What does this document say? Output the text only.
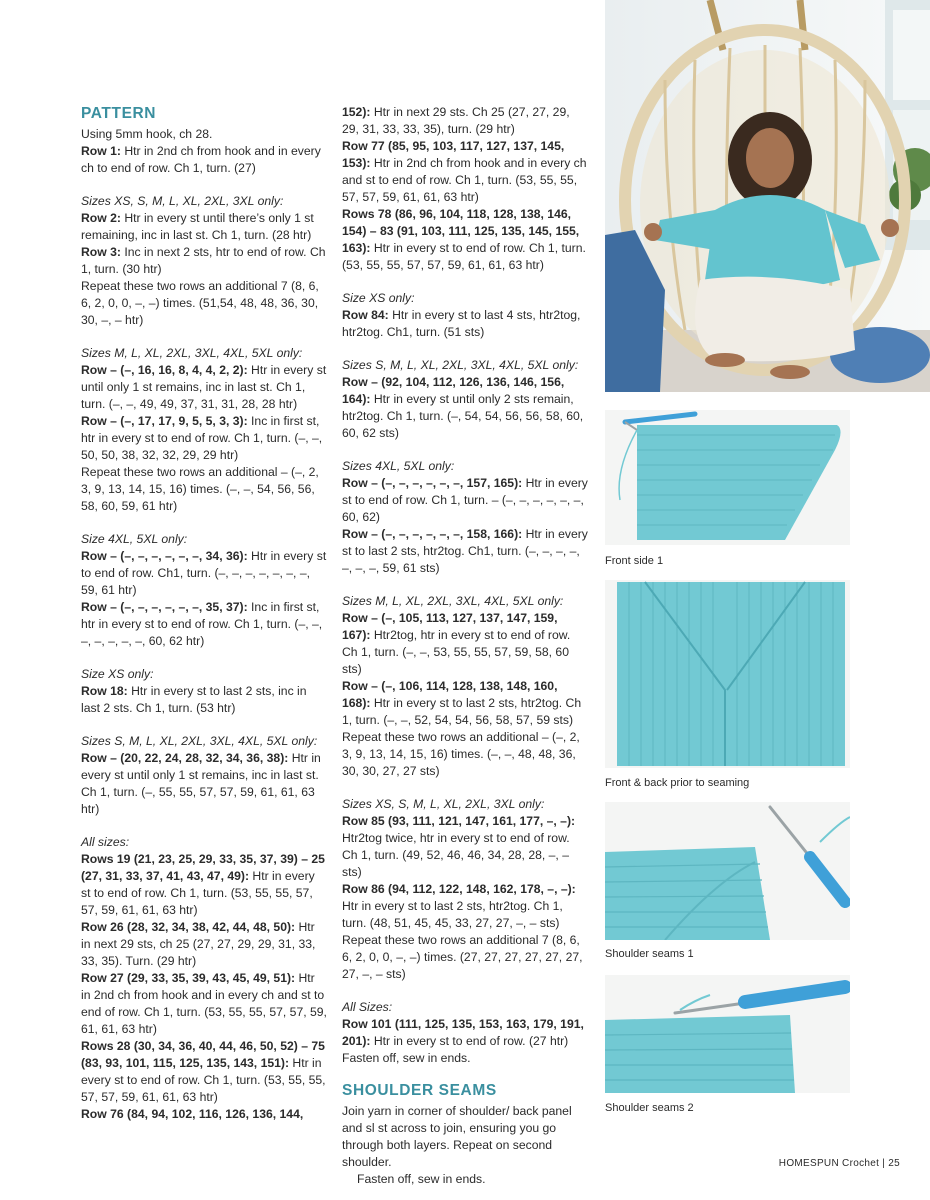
PATTERN
Using 5mm hook, ch 28.
Row 1: Htr in 2nd ch from hook and in every ch to end of row. Ch 1, turn. (27)
Sizes XS, S, M, L, XL, 2XL, 3XL only:
Row 2: Htr in every st until there’s only 1 st remaining, inc in last st. Ch 1, turn. (28 htr)
Row 3: Inc in next 2 sts, htr to end of row. Ch 1, turn. (30 htr)
Repeat these two rows an additional 7 (8, 6, 6, 2, 0, 0, –, –) times. (51,54, 48, 48, 36, 30, 30, –, – htr)
Sizes M, L, XL, 2XL, 3XL, 4XL, 5XL only:
Row – (–, 16, 16, 8, 4, 4, 2, 2): Htr in every st until only 1 st remains, inc in last st. Ch 1, turn. (–, –, 49, 49, 37, 31, 31, 28, 28 htr)
Row – (–, 17, 17, 9, 5, 5, 3, 3): Inc in first st, htr in every st to end of row. Ch 1, turn. (–, –, 50, 50, 38, 32, 32, 29, 29 htr)
Repeat these two rows an additional – (–, 2, 3, 9, 13, 14, 15, 16) times. (–, –, 54, 56, 56, 58, 60, 59, 61 htr)
Size 4XL, 5XL only:
Row – (–, –, –, –, –, –, 34, 36): Htr in every st to end of row. Ch1, turn. (–, –, –, –, –, –, –, 59, 61 htr)
Row – (–, –, –, –, –, –, 35, 37): Inc in first st, htr in every st to end of row. Ch 1, turn. (–, –, –, –, –, –, –, 60, 62 htr)
Size XS only:
Row 18: Htr in every st to last 2 sts, inc in last 2 sts. Ch 1, turn. (53 htr)
Sizes S, M, L, XL, 2XL, 3XL, 4XL, 5XL only:
Row – (20, 22, 24, 28, 32, 34, 36, 38): Htr in every st until only 1 st remains, inc in last st. Ch 1, turn. (–, 55, 55, 57, 57, 59, 61, 61, 63 htr)
All sizes:
Rows 19 (21, 23, 25, 29, 33, 35, 37, 39) – 25 (27, 31, 33, 37, 41, 43, 47, 49): Htr in every st to end of row. Ch 1, turn. (53, 55, 55, 57, 57, 59, 61, 61, 63 htr)
Row 26 (28, 32, 34, 38, 42, 44, 48, 50): Htr in next 29 sts, ch 25 (27, 27, 29, 29, 31, 33, 33, 35). Turn. (29 htr)
Row 27 (29, 33, 35, 39, 43, 45, 49, 51): Htr in 2nd ch from hook and in every ch and st to end of row. Ch 1, turn. (53, 55, 55, 57, 57, 59, 61, 61, 63 htr)
Rows 28 (30, 34, 36, 40, 44, 46, 50, 52) – 75 (83, 93, 101, 115, 125, 135, 143, 151): Htr in every st to end of row. Ch 1, turn. (53, 55, 55, 57, 57, 59, 61, 61, 63 htr)
Row 76 (84, 94, 102, 116, 126, 136, 144,
152): Htr in next 29 sts. Ch 25 (27, 27, 29, 29, 31, 33, 33, 35), turn. (29 htr)
Row 77 (85, 95, 103, 117, 127, 137, 145, 153): Htr in 2nd ch from hook and in every ch and st to end of row. Ch 1, turn. (53, 55, 55, 57, 57, 59, 61, 61, 63 htr)
Rows 78 (86, 96, 104, 118, 128, 138, 146, 154) – 83 (91, 103, 111, 125, 135, 145, 155, 163): Htr in every st to end of row. Ch 1, turn. (53, 55, 55, 57, 57, 59, 61, 61, 63 htr)
Size XS only:
Row 84: Htr in every st to last 4 sts, htr2tog, htr2tog. Ch1, turn. (51 sts)
Sizes S, M, L, XL, 2XL, 3XL, 4XL, 5XL only:
Row – (92, 104, 112, 126, 136, 146, 156, 164): Htr in every st until only 2 sts remain, htr2tog. Ch 1, turn. (–, 54, 54, 56, 56, 58, 60, 60, 62 sts)
Sizes 4XL, 5XL only:
Row – (–, –, –, –, –, –, 157, 165): Htr in every st to end of row. Ch 1, turn. – (–, –, –, –, –, –, 60, 62)
Row – (–, –, –, –, –, –, 158, 166): Htr in every st to last 2 sts, htr2tog. Ch1, turn. (–, –, –, –, –, –, –, 59, 61 sts)
Sizes M, L, XL, 2XL, 3XL, 4XL, 5XL only:
Row – (–, 105, 113, 127, 137, 147, 159, 167): Htr2tog, htr in every st to end of row. Ch 1, turn. (–, –, 53, 55, 55, 57, 59, 58, 60 sts)
Row – (–, 106, 114, 128, 138, 148, 160, 168): Htr in every st to last 2 sts, htr2tog. Ch 1, turn. (–, –, 52, 54, 54, 56, 58, 57, 59 sts)
Repeat these two rows an additional – (–, 2, 3, 9, 13, 14, 15, 16) times. (–, –, 48, 48, 36, 30, 30, 27, 27 sts)
Sizes XS, S, M, L, XL, 2XL, 3XL only:
Row 85 (93, 111, 121, 147, 161, 177, –, –): Htr2tog twice, htr in every st to end of row. Ch 1, turn. (49, 52, 46, 46, 34, 28, 28, –, – sts)
Row 86 (94, 112, 122, 148, 162, 178, –, –): Htr in every st to last 2 sts, htr2tog. Ch 1, turn. (48, 51, 45, 45, 33, 27, 27, –, – sts)
Repeat these two rows an additional 7 (8, 6, 6, 2, 0, 0, –, –) times. (27, 27, 27, 27, 27, 27, 27, –, – sts)
All Sizes:
Row 101 (111, 125, 135, 153, 163, 179, 191, 201): Htr in every st to end of row. (27 htr) Fasten off, sew in ends.
SHOULDER SEAMS
Join yarn in corner of shoulder/ back panel and sl st across to join, ensuring you go through both layers. Repeat on second shoulder.
Fasten off, sew in ends.
Front side 1
Front & back prior to seaming
Shoulder seams 1
Shoulder seams 2
HOMESPUN Crochet | 25
